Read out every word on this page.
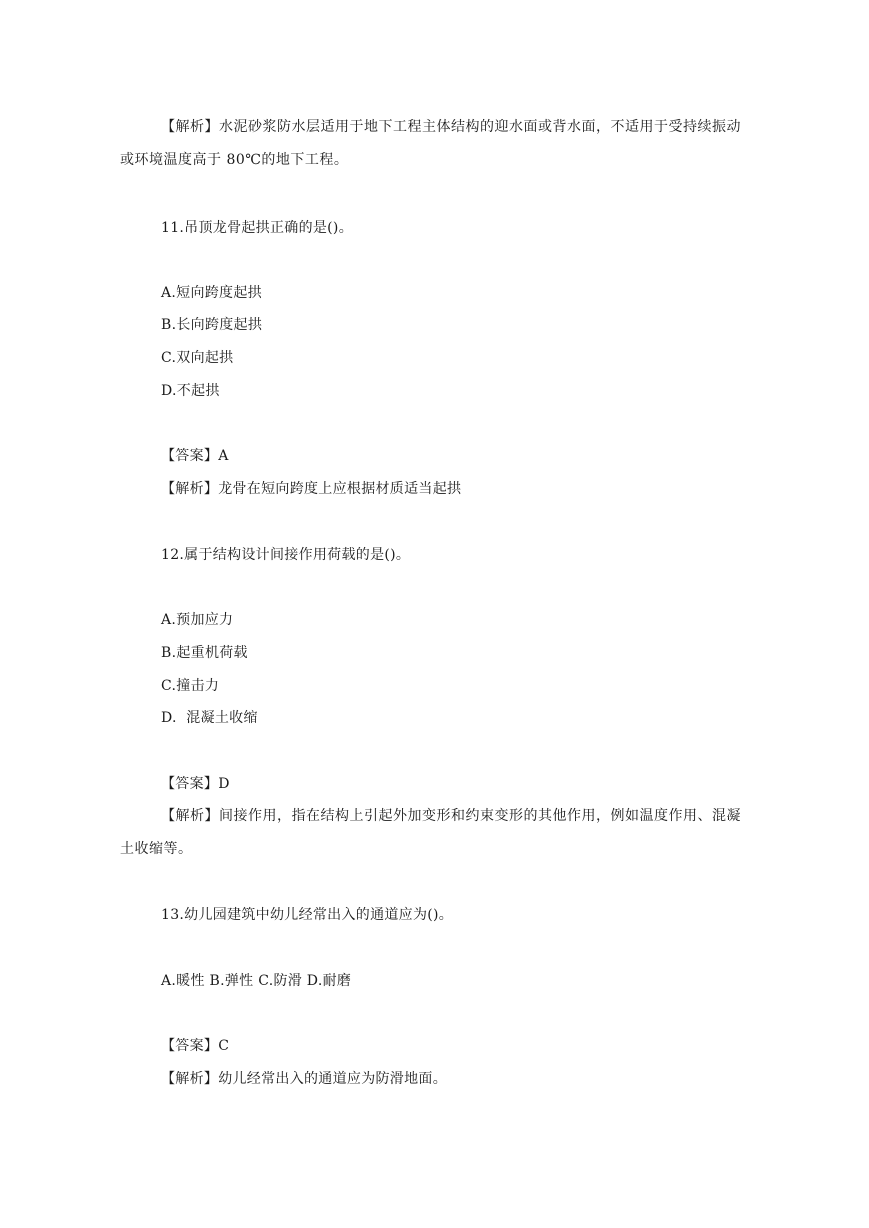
【解析】水泥砂浆防水层适用于地下工程主体结构的迎水面或背水面，不适用于受持续振动或环境温度高于 80℃的地下工程。
11.吊顶龙骨起拱正确的是()。
A.短向跨度起拱
B.长向跨度起拱
C.双向起拱
D.不起拱
【答案】A
【解析】龙骨在短向跨度上应根据材质适当起拱
12.属于结构设计间接作用荷载的是()。
A.预加应力
B.起重机荷载
C.撞击力
D.  混凝土收缩
【答案】D
【解析】间接作用，指在结构上引起外加变形和约束变形的其他作用，例如温度作用、混凝土收缩等。
13.幼儿园建筑中幼儿经常出入的通道应为()。
A.暖性 B.弹性 C.防滑 D.耐磨
【答案】C
【解析】幼儿经常出入的通道应为防滑地面。
